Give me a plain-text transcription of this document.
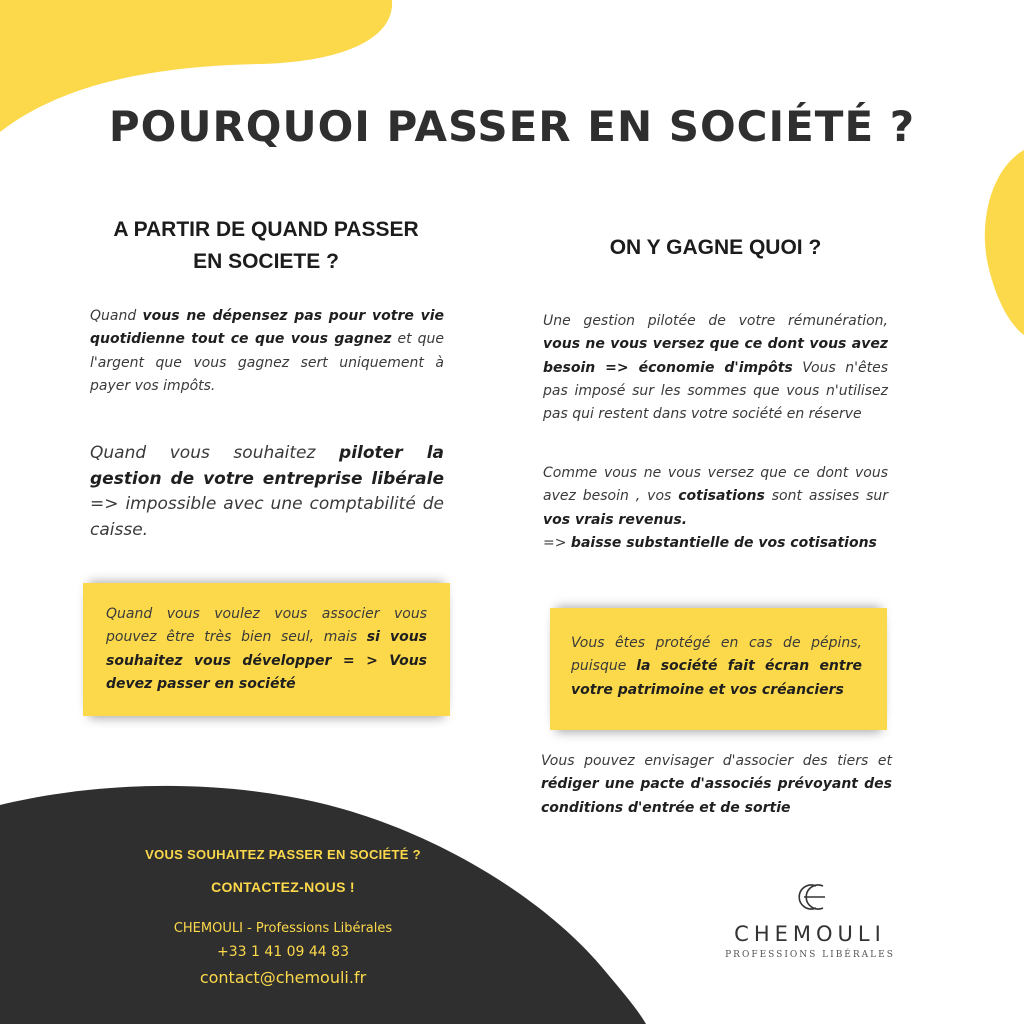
POURQUOI PASSER EN SOCIÉTÉ ?
A PARTIR DE QUAND PASSER
EN SOCIETE ?

Quand vous ne dépensez pas pour votre vie quotidienne tout ce que vous gagnez et que l'argent que vous gagnez sert uniquement à payer vos impôts.

Quand vous souhaitez piloter la gestion de votre entreprise libérale => impossible avec une comptabilité de caisse.

Quand vous voulez vous associer vous pouvez être très bien seul, mais si vous souhaitez vous développer = > Vous devez passer en société

ON Y GAGNE QUOI ?

Une gestion pilotée de votre rémunération, vous ne vous versez que ce dont vous avez besoin => économie d'impôts Vous n'êtes pas imposé sur les sommes que vous n'utilisez pas qui restent dans votre société en réserve

Comme vous ne vous versez que ce dont vous avez besoin , vos cotisations sont assises sur vos vrais revenus.
=> baisse substantielle de vos cotisations

Vous êtes protégé en cas de pépins, puisque la société fait écran entre votre patrimoine et vos créanciers

Vous pouvez envisager d'associer des tiers et rédiger une pacte d'associés prévoyant des conditions d'entrée et de sortie

VOUS SOUHAITEZ PASSER EN SOCIÉTÉ ?

CONTACTEZ-NOUS !

CHEMOULI - Professions Libérales

+33 1 41 09 44 83

contact@chemouli.fr

CHEMOULI
PROFESSIONS LIBÉRALES
